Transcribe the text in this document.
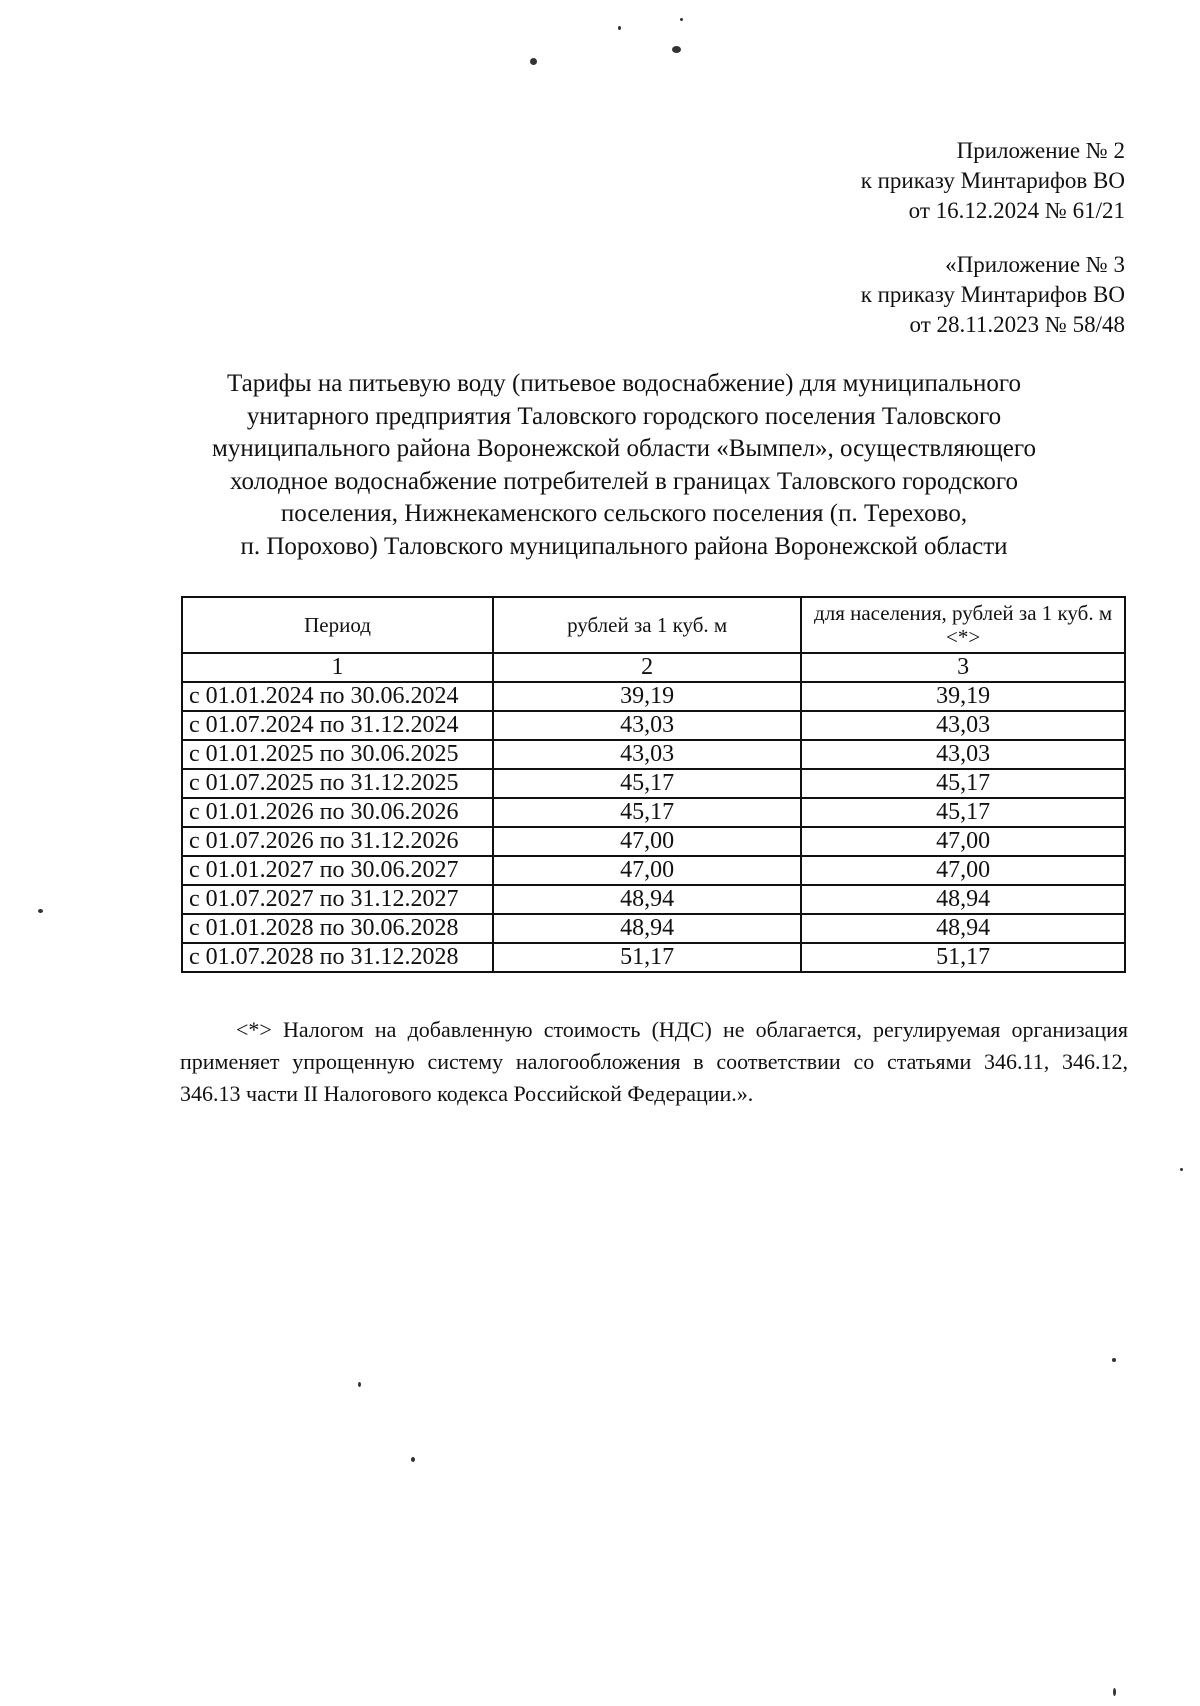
Приложение № 2
к приказу Минтарифов ВО
от 16.12.2024 № 61/21
«Приложение № 3
к приказу Минтарифов ВО
от 28.11.2023 № 58/48
Тарифы на питьевую воду (питьевое водоснабжение) для муниципального
унитарного предприятия Таловского городского поселения Таловского
муниципального района Воронежской области «Вымпел», осуществляющего
холодное водоснабжение потребителей в границах Таловского городского
поселения, Нижнекаменского сельского поселения (п. Терехово,
п. Порохово) Таловского муниципального района Воронежской области
Период	рублей за 1 куб. м	для населения, рублей за 1 куб. м <*>
1	2	3
с 01.01.2024 по 30.06.2024	39,19	39,19
с 01.07.2024 по 31.12.2024	43,03	43,03
с 01.01.2025 по 30.06.2025	43,03	43,03
с 01.07.2025 по 31.12.2025	45,17	45,17
с 01.01.2026 по 30.06.2026	45,17	45,17
с 01.07.2026 по 31.12.2026	47,00	47,00
с 01.01.2027 по 30.06.2027	47,00	47,00
с 01.07.2027 по 31.12.2027	48,94	48,94
с 01.01.2028 по 30.06.2028	48,94	48,94
с 01.07.2028 по 31.12.2028	51,17	51,17
<*> Налогом на добавленную стоимость (НДС) не облагается, регулируемая организация применяет упрощенную систему налогообложения в соответствии со статьями 346.11, 346.12, 346.13 части II Налогового кодекса Российской Федерации.».
